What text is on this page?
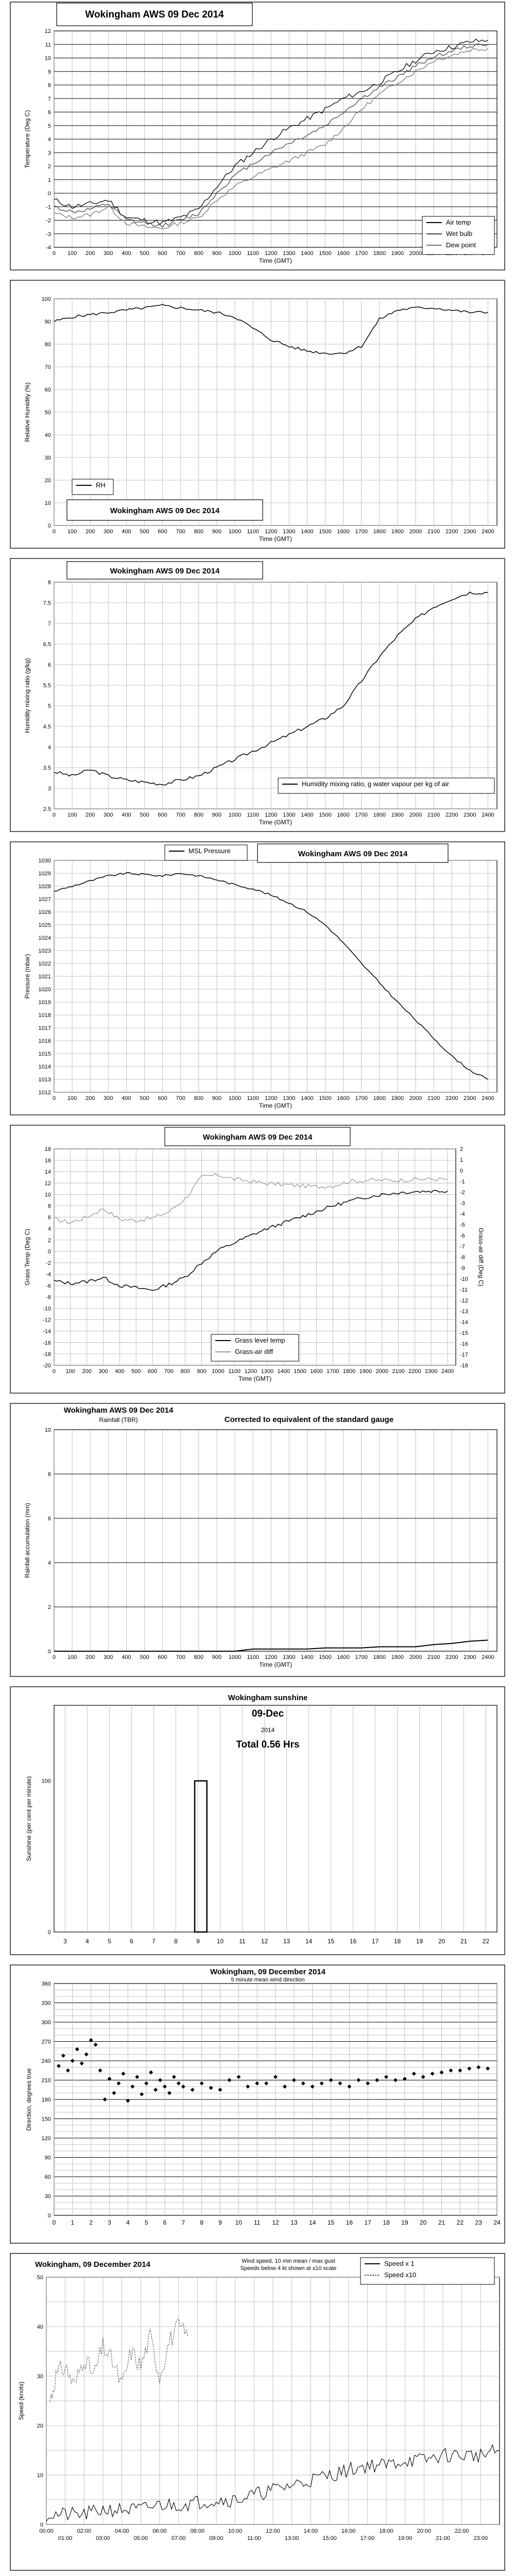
0 100 200 300 400 500 600 700 800 900 1000 1100 1200 1300 1400 1500 1600 1700 1800 1900 2000
-4
-3
-2
-1
0
1
2
3
4
5
6
7
8
9
10
11
12
Time (GMT)
Temperature (Deg C)
Wokingham AWS 09 Dec 2014
Air temp
Wet bulb
Dew point
0 100 200 300 400 500 600 700 800 900 1000 1100 1200 1300 1400 1500 1600 1700 1800 1900 2000 2100 2200 2300 2400
0
10
20
30
40
50
60
70
80
90
100
Time (GMT)
Relative Humidity (%)
RH
Wokingham AWS 09 Dec 2014
0 100 200 300 400 500 600 700 800 900 1000 1100 1200 1300 1400 1500 1600 1700 1800 1900 2000 2100 2200 2300 2400
2.5
3
3.5
4
4.5
5
5.5
6
6.5
7
7.5
8
Time (GMT)
Humidity mixing ratio (g/kg)
Wokingham AWS 09 Dec 2014
Humidity mixing ratio, g water vapour per kg of air
0 100 200 300 400 500 600 700 800 900 1000 1100 1200 1300 1400 1500 1600 1700 1800 1900 2000 2100 2200 2300 2400
1012
1013
1014
1015
1016
1017
1018
1019
1020
1021
1022
1023
1024
1025
1026
1027
1028
1029
1030
Time (GMT)
Pressure (mbar)
MSL Pressure	Wokingham AWS 09 Dec 2014
0 100 200 300 400 500 600 700 800 900 1000 1100 1200 1300 1400 1500 1600 1700 1800 1900 2000 2100 2200 2300 2400
-20
-18
-16
-14
-12
-10
-8
-6
-4
-2
0
2
4
6
8
10
12
14
16
18
Time (GMT)
Grass Temp (Deg C)
Wokingham AWS 09 Dec 2014
-18
-17
-16
-15
-14
-13
-12
-11
-10
-9
-8
-7
-6
-5
-4
-3
-2
-1
0
1
2
Grass-air diff (Deg C)
Grass level temp
Grass-air diff
0 100 200 300 400 500 600 700 800 900 1000 1100 1200 1300 1400 1500 1600 1700 1800 1900 2000 2100 2200 2300 2400
0
2
4
6
8
10
Time (GMT)
Rainfall accumulation (mm)
Wokingham AWS 09 Dec 2014
Rainfall (TBR)	Corrected to equivalent of the standard gauge
3	4	5	6	7	8	9	10	11	12 13 14 15 16 17 18 19 20 21 22
0
100
Sunshine (per cent per minute)
Wokingham sunshine
09-Dec
2014
Total 0.56 Hrs
0
30
60
90
120
150
180
210
240
270
300
330
360
0 1 2 3 4 5 6 7 8 9 10 11 12 13 14 15 16 17 18 19 20 21 22 23 24
Direction, degrees true
Wokingham, 09 December 2014
5 minute mean wind direction
0
10
20
30
40
50
00:00
01:00
02:00
03:00
04:00
05:00
06:00
07:00
08:00
09:00
10:00
11:00
12:00
13:00
14:00
15:00
16:00
17:00
18:00
19:00
20:00
21:00
22:00
23:00
Speed (knots)
Wokingham, 09 December 2014	Wind speed, 10 min mean / max gust
Speeds below 4 kt shown at x10 scale
Speed x 1
Speed x10
